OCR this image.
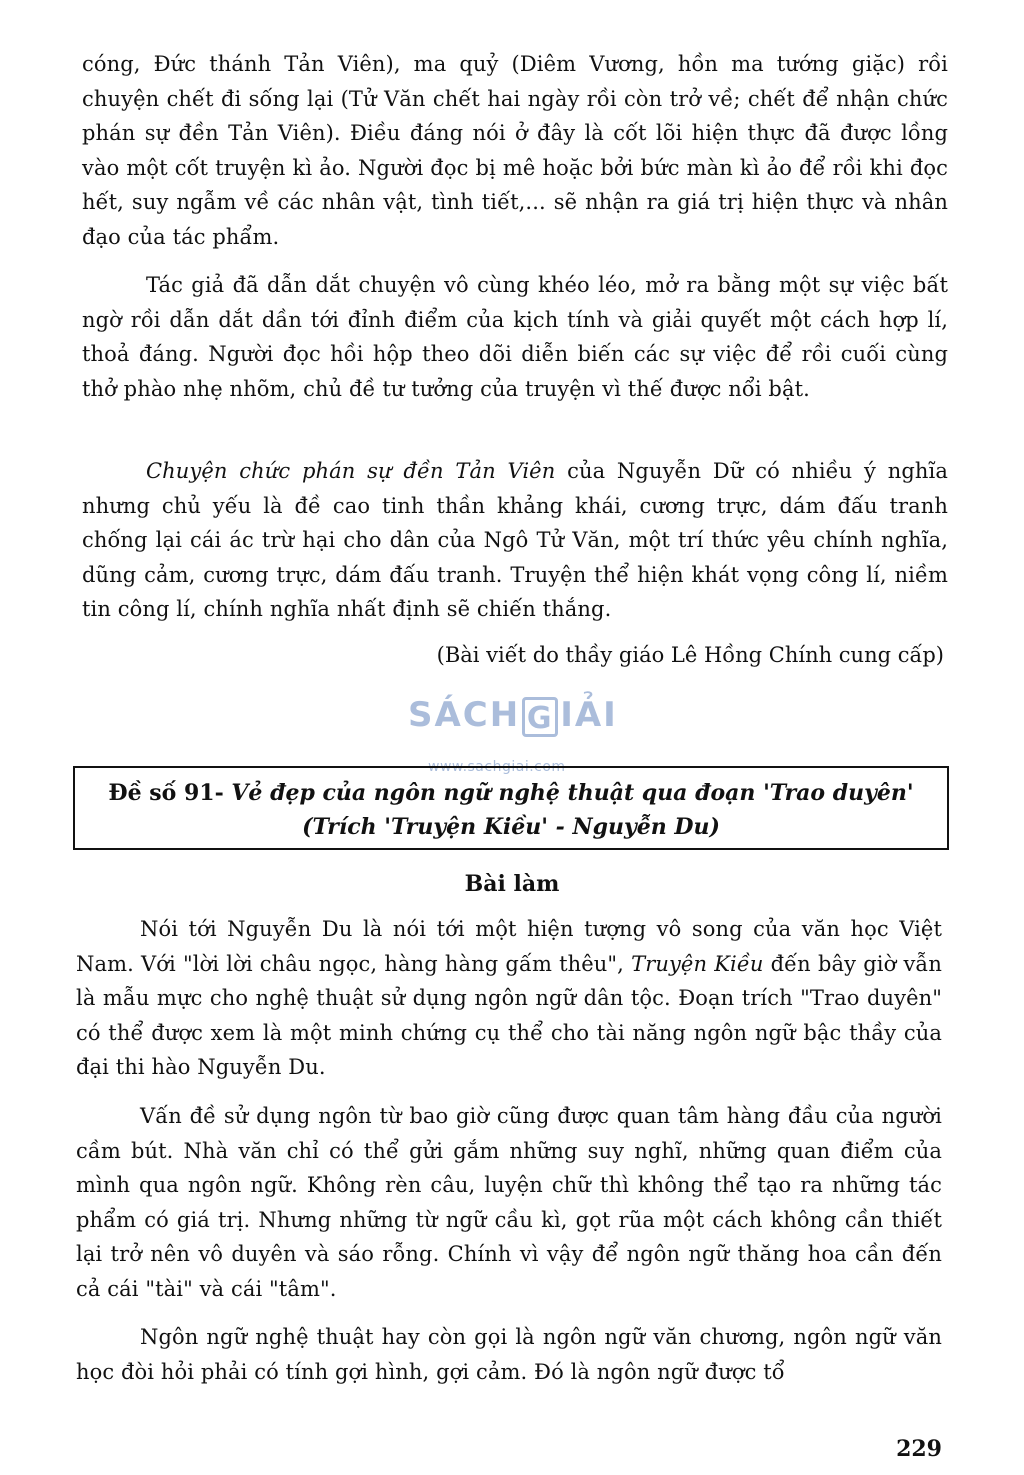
cóng, Đức thánh Tản Viên), ma quỷ (Diêm Vương, hồn ma tướng giặc) rồi chuyện chết đi sống lại (Tử Văn chết hai ngày rồi còn trở về; chết để nhận chức phán sự đền Tản Viên). Điều đáng nói ở đây là cốt lõi hiện thực đã được lồng vào một cốt truyện kì ảo. Người đọc bị mê hoặc bởi bức màn kì ảo để rồi khi đọc hết, suy ngẫm về các nhân vật, tình tiết,... sẽ nhận ra giá trị hiện thực và nhân đạo của tác phẩm.

Tác giả đã dẫn dắt chuyện vô cùng khéo léo, mở ra bằng một sự việc bất ngờ rồi dẫn dắt dần tới đỉnh điểm của kịch tính và giải quyết một cách hợp lí, thoả đáng. Người đọc hồi hộp theo dõi diễn biến các sự việc để rồi cuối cùng thở phào nhẹ nhõm, chủ đề tư tưởng của truyện vì thế được nổi bật.

Chuyện chức phán sự đền Tản Viên của Nguyễn Dữ có nhiều ý nghĩa nhưng chủ yếu là đề cao tinh thần khảng khái, cương trực, dám đấu tranh chống lại cái ác trừ hại cho dân của Ngô Tử Văn, một trí thức yêu chính nghĩa, dũng cảm, cương trực, dám đấu tranh. Truyện thể hiện khát vọng công lí, niềm tin công lí, chính nghĩa nhất định sẽ chiến thắng.

(Bài viết do thầy giáo Lê Hồng Chính cung cấp)
SÁCH G IẢI
www.sachgiai.com
Đề số 91- Vẻ đẹp của ngôn ngữ nghệ thuật qua đoạn 'Trao duyên'
(Trích 'Truyện Kiều' - Nguyễn Du)
Bài làm

Nói tới Nguyễn Du là nói tới một hiện tượng vô song của văn học Việt Nam. Với "lời lời châu ngọc, hàng hàng gấm thêu", Truyện Kiều đến bây giờ vẫn là mẫu mực cho nghệ thuật sử dụng ngôn ngữ dân tộc. Đoạn trích "Trao duyên" có thể được xem là một minh chứng cụ thể cho tài năng ngôn ngữ bậc thầy của đại thi hào Nguyễn Du.

Vấn đề sử dụng ngôn từ bao giờ cũng được quan tâm hàng đầu của người cầm bút. Nhà văn chỉ có thể gửi gắm những suy nghĩ, những quan điểm của mình qua ngôn ngữ. Không rèn câu, luyện chữ thì không thể tạo ra những tác phẩm có giá trị. Nhưng những từ ngữ cầu kì, gọt rũa một cách không cần thiết lại trở nên vô duyên và sáo rỗng. Chính vì vậy để ngôn ngữ thăng hoa cần đến cả cái "tài" và cái "tâm".

Ngôn ngữ nghệ thuật hay còn gọi là ngôn ngữ văn chương, ngôn ngữ văn học đòi hỏi phải có tính gợi hình, gợi cảm. Đó là ngôn ngữ được tổ

229
